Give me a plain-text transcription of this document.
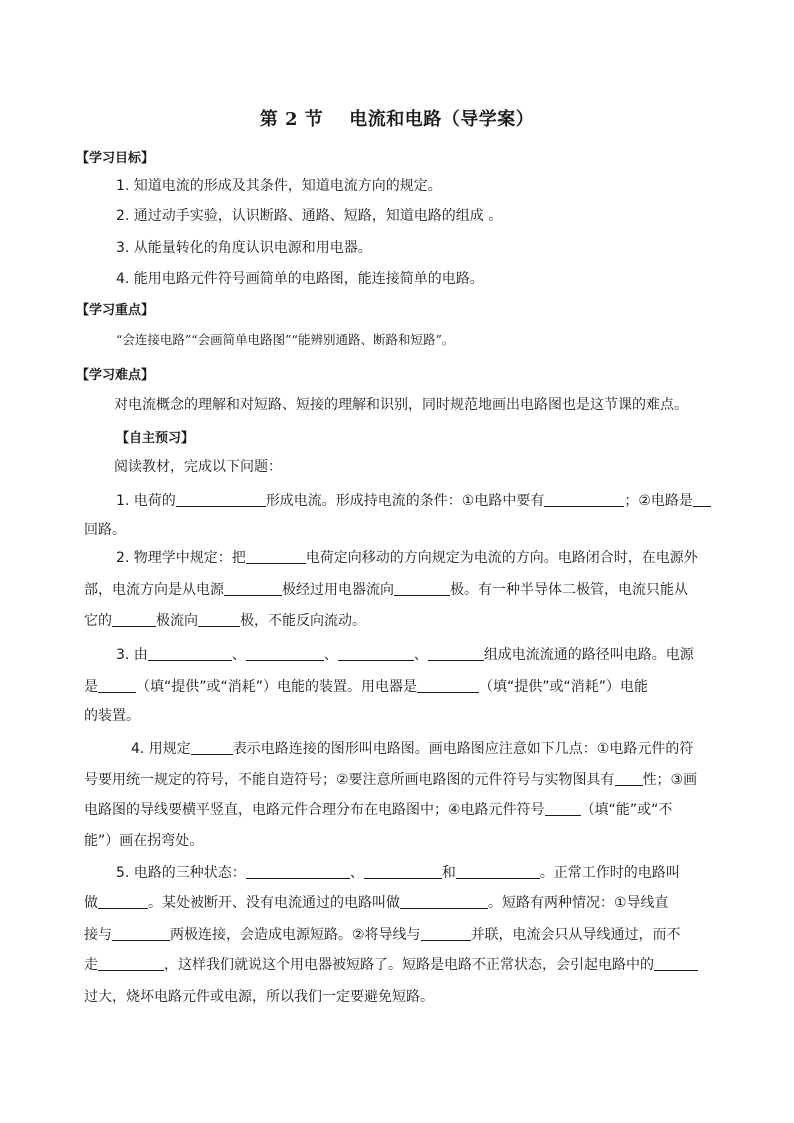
第 2 节 电流和电路（导学案）
【学习目标】
1. 知道电流的形成及其条件，知道电流方向的规定。
2. 通过动手实验，认识断路、通路、短路，知道电路的组成 。
3. 从能量转化的角度认识电源和用电器。
4. 能用电路元件符号画简单的电路图，能连接简单的电路。
【学习重点】
“会连接电路”“会画简单电路图”“能辨别通路、断路和短路”。
【学习难点】
对电流概念的理解和对短路、短接的理解和识别，同时规范地画出电路图也是这节课的难点。
【自主预习】
阅读教材，完成以下问题：
1. 电荷的	形成电流。形成持电流的条件：①电路中要有	；②电路是
回路。
2. 物理学中规定：把	电荷定向移动的方向规定为电流的方向。电路闭合时，在电源外
部，电流方向是从电源	极经过用电器流向	极。有一种半导体二极管，电流只能从
它的	极流向	极，不能反向流动。
3. 由	、	、	、	组成电流流通的路径叫电路。电源
是	（填“提供”或“消耗”）电能的装置。用电器是	（填“提供”或“消耗”）电能
的装置。
4. 用规定	表示电路连接的图形叫电路图。画电路图应注意如下几点：①电路元件的符
号要用统一规定的符号，不能自造符号；②要注意所画电路图的元件符号与实物图具有 性；③画
电路图的导线要横平竖直，电路元件合理分布在电路图中；④电路元件符号	（填“能”或“不
能”）画在拐弯处。
5. 电路的三种状态：	、	和	。正常工作时的电路叫
做	。某处被断开、没有电流通过的电路叫做	。短路有两种情况：①导线直
接与	两极连接，会造成电源短路。②将导线与	并联，电流会只从导线通过，而不
走	，这样我们就说这个用电器被短路了。短路是电路不正常状态，会引起电路中的
过大，烧坏电路元件或电源，所以我们一定要避免短路。
